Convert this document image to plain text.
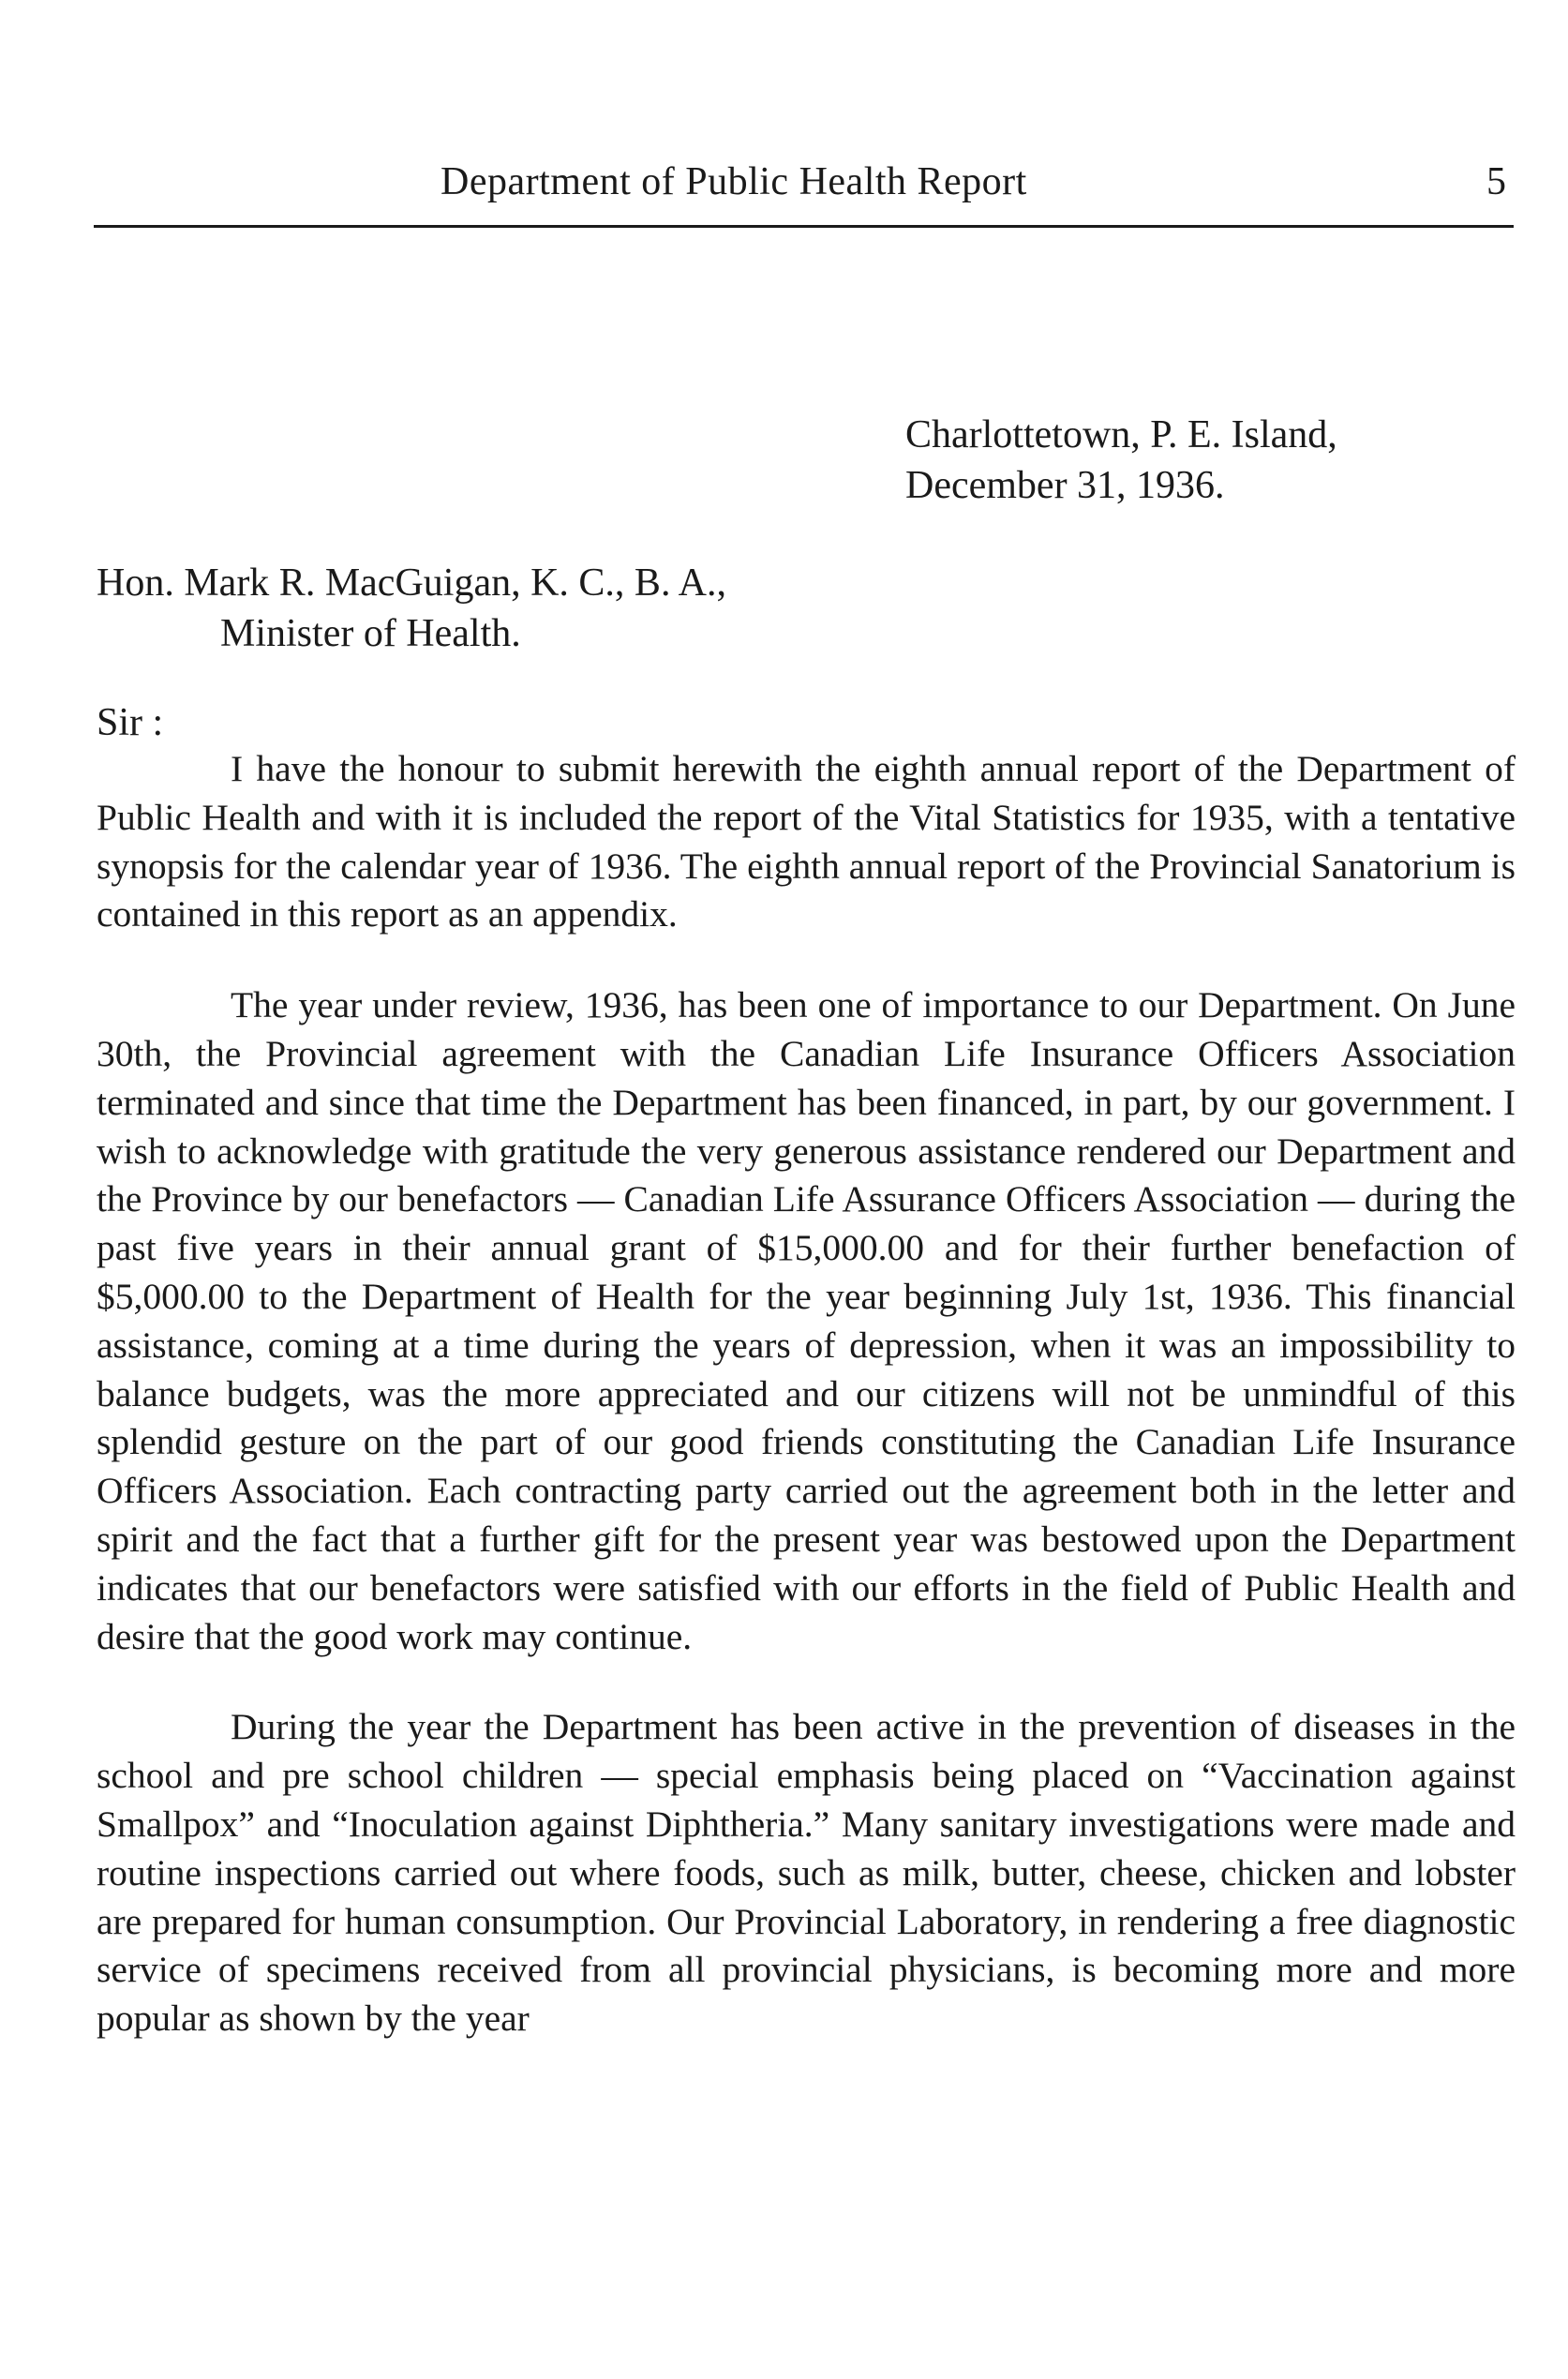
Department of Public Health Report	5
Charlottetown, P. E. Island,
December 31, 1936.
Hon. Mark R. MacGuigan, K. C., B. A.,
Minister of Health.
Sir :

I have the honour to submit herewith the eighth annual report of the Department of Public Health and with it is included the report of the Vital Statistics for 1935, with a tentative synopsis for the calendar year of 1936. The eighth annual report of the Provincial Sanatorium is contained in this report as an appendix.

The year under review, 1936, has been one of importance to our Department. On June 30th, the Provincial agreement with the Canadian Life Insurance Officers Association terminated and since that time the Department has been financed, in part, by our government. I wish to acknowledge with gratitude the very generous assistance rendered our Department and the Province by our benefactors — Canadian Life Assurance Officers Association — during the past five years in their annual grant of $15,000.00 and for their further benefaction of $5,000.00 to the Department of Health for the year beginning July 1st, 1936. This financial assistance, coming at a time during the years of depression, when it was an impossibility to balance budgets, was the more appreciated and our citizens will not be unmindful of this splendid gesture on the part of our good friends constituting the Canadian Life Insurance Officers Association. Each contracting party carried out the agreement both in the letter and spirit and the fact that a further gift for the present year was bestowed upon the Department indicates that our benefactors were satisfied with our efforts in the field of Public Health and desire that the good work may continue.

During the year the Department has been active in the prevention of diseases in the school and pre school children — special emphasis being placed on “Vaccination against Smallpox” and “Inoculation against Diphtheria.” Many sanitary investigations were made and routine inspections carried out where foods, such as milk, butter, cheese, chicken and lobster are prepared for human consumption. Our Provincial Laboratory, in rendering a free diagnostic service of specimens received from all provincial physicians, is becoming more and more popular as shown by the year
